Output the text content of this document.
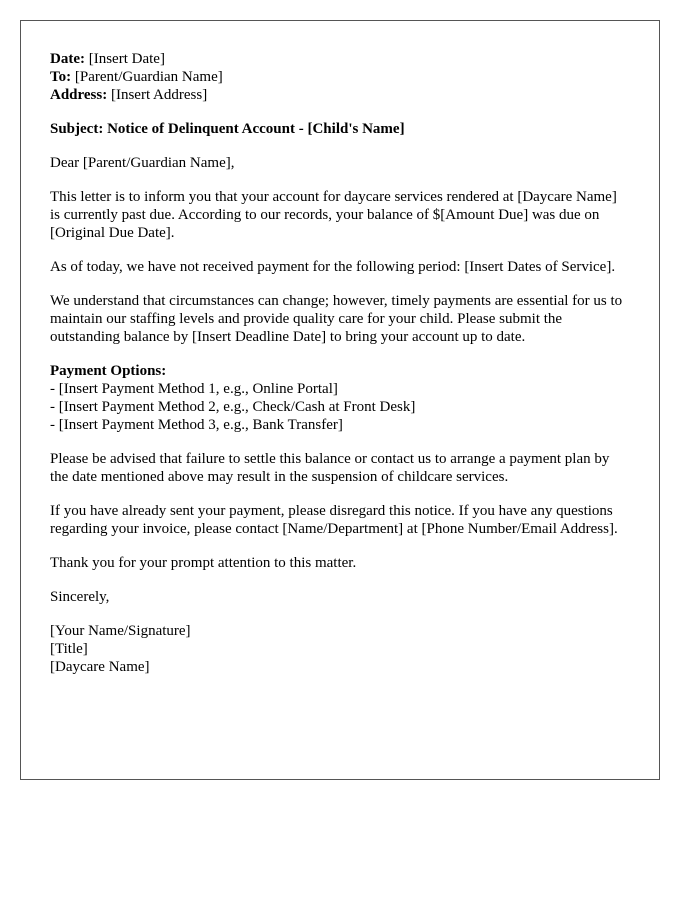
Date: [Insert Date]
To: [Parent/Guardian Name]
Address: [Insert Address]

Subject: Notice of Delinquent Account - [Child's Name]

Dear [Parent/Guardian Name],

This letter is to inform you that your account for daycare services rendered at [Daycare Name] is currently past due. According to our records, your balance of $[Amount Due] was due on [Original Due Date].

As of today, we have not received payment for the following period: [Insert Dates of Service].

We understand that circumstances can change; however, timely payments are essential for us to maintain our staffing levels and provide quality care for your child. Please submit the outstanding balance by [Insert Deadline Date] to bring your account up to date.

Payment Options:
- [Insert Payment Method 1, e.g., Online Portal]
- [Insert Payment Method 2, e.g., Check/Cash at Front Desk]
- [Insert Payment Method 3, e.g., Bank Transfer]

Please be advised that failure to settle this balance or contact us to arrange a payment plan by the date mentioned above may result in the suspension of childcare services.

If you have already sent your payment, please disregard this notice. If you have any questions regarding your invoice, please contact [Name/Department] at [Phone Number/Email Address].

Thank you for your prompt attention to this matter.

Sincerely,

[Your Name/Signature]
[Title]
[Daycare Name]
